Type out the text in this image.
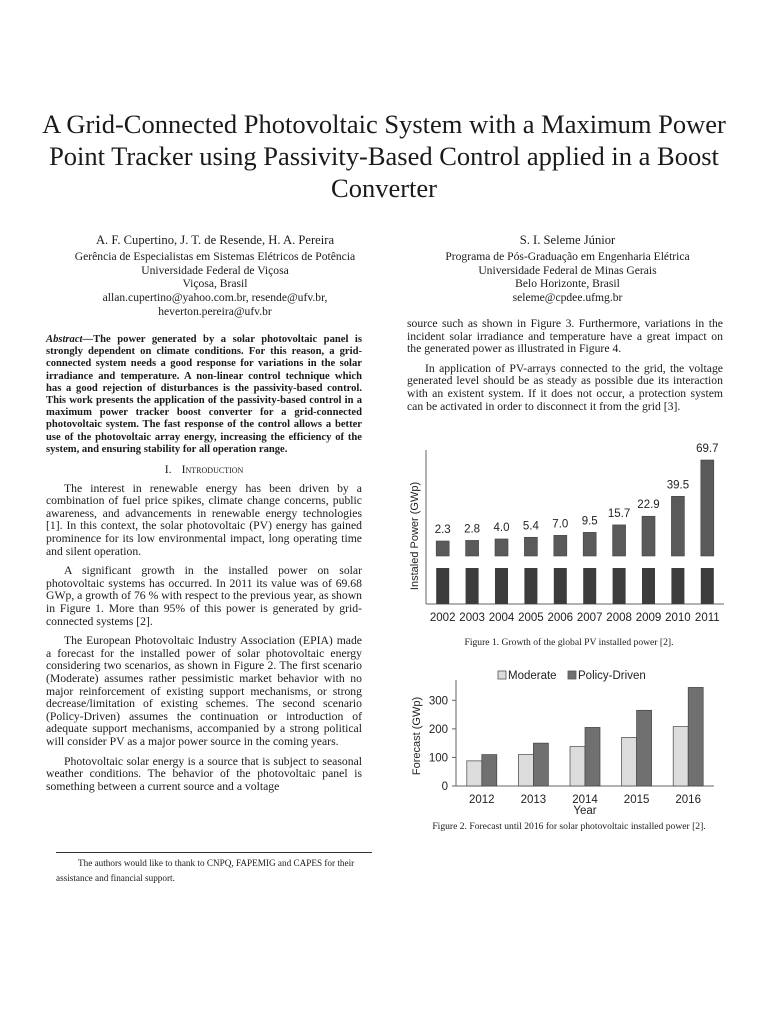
A Grid-Connected Photovoltaic System with a Maximum Power Point Tracker using Passivity-Based Control applied in a Boost Converter
A. F. Cupertino, J. T. de Resende, H. A. Pereira
Gerência de Especialistas em Sistemas Elétricos de Potência
Universidade Federal de Viçosa
Viçosa, Brasil
allan.cupertino@yahoo.com.br, resende@ufv.br,
heverton.pereira@ufv.br
S. I. Seleme Júnior
Programa de Pós-Graduação em Engenharia Elétrica
Universidade Federal de Minas Gerais
Belo Horizonte, Brasil
seleme@cpdee.ufmg.br

Abstract—The power generated by a solar photovoltaic panel is strongly dependent on climate conditions. For this reason, a grid-connected system needs a good response for variations in the solar irradiance and temperature. A non-linear control technique which has a good rejection of disturbances is the passivity-based control. This work presents the application of the passivity-based control in a maximum power tracker boost converter for a grid-connected photovoltaic system. The fast response of the control allows a better use of the photovoltaic array energy, increasing the efficiency of the system, and ensuring stability for all operation range.

I. Introduction

The interest in renewable energy has been driven by a combination of fuel price spikes, climate change concerns, public awareness, and advancements in renewable energy technologies [1]. In this context, the solar photovoltaic (PV) energy has gained prominence for its low environmental impact, long operating time and silent operation.

A significant growth in the installed power on solar photovoltaic systems has occurred. In 2011 its value was of 69.68 GWp, a growth of 76 % with respect to the previous year, as shown in Figure 1. More than 95% of this power is generated by grid-connected systems [2].

The European Photovoltaic Industry Association (EPIA) made a forecast for the installed power of solar photovoltaic energy considering two scenarios, as shown in Figure 2. The first scenario (Moderate) assumes rather pessimistic market behavior with no major reinforcement of existing support mechanisms, or strong decrease/limitation of existing schemes. The second scenario (Policy-Driven) assumes the continuation or introduction of adequate support mechanisms, accompanied by a strong political will consider PV as a major power source in the coming years.

Photovoltaic solar energy is a source that is subject to seasonal weather conditions. The behavior of the photovoltaic panel is something between a current source and a voltage

The authors would like to thank to CNPQ, FAPEMIG and CAPES for their assistance and financial support.

source such as shown in Figure 3. Furthermore, variations in the incident solar irradiance and temperature have a great impact on the generated power as illustrated in Figure 4.

In application of PV-arrays connected to the grid, the voltage generated level should be as steady as possible due its interaction with an existent system. If it does not occur, a protection system can be activated in order to disconnect it from the grid [3].

Instaled Power (GWp) 2.3
2002
2.8
2003
4.0
2004
5.4
2005
7.0
2006
9.5
2007
15.7
2008
22.9
2009
39.5
2010
69.7
2011
Figure 1. Growth of the global PV installed power [2].
Moderate Policy-Driven
Forecast (GWp)
0
100
200
300
2012 2013 2014 2015 2016
Year
Figure 2. Forecast until 2016 for solar photovoltaic installed power [2].
